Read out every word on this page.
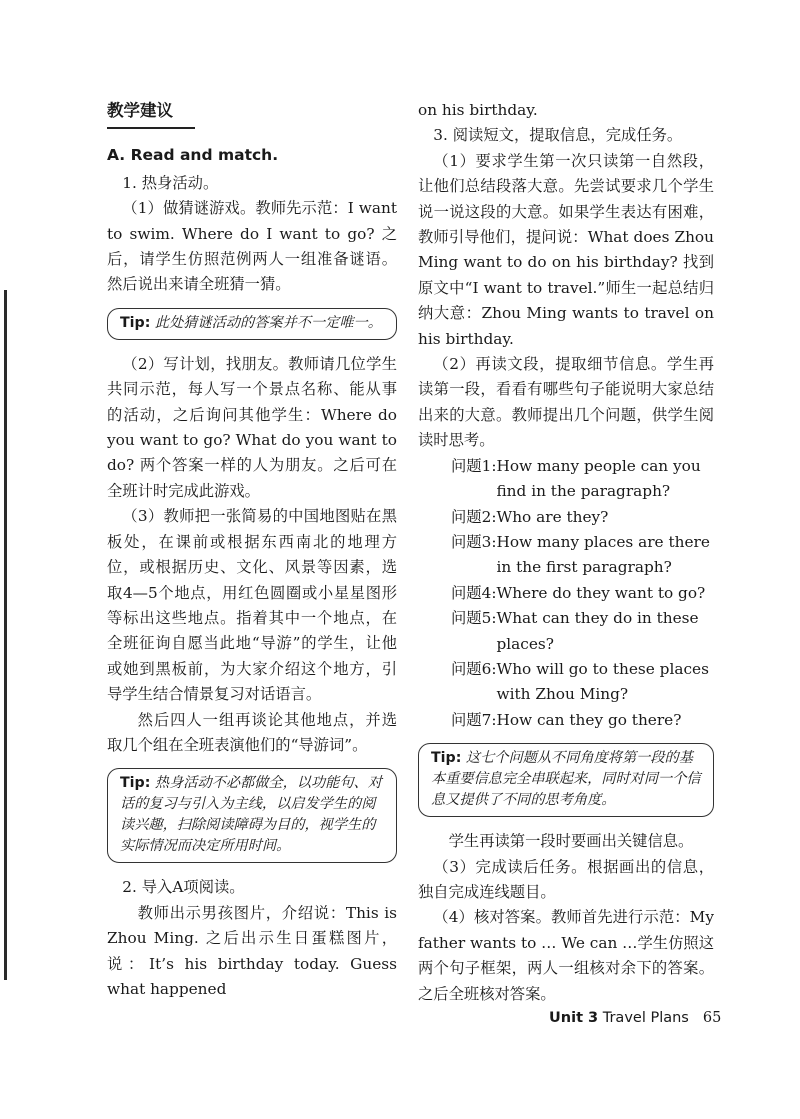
教学建议
A. Read and match.

1. 热身活动。

（1）做猜谜游戏。教师先示范：I want to swim. Where do I want to go? 之后，请学生仿照范例两人一组准备谜语。然后说出来请全班猜一猜。

Tip: 此处猜谜活动的答案并不一定唯一。

（2）写计划，找朋友。教师请几位学生共同示范，每人写一个景点名称、能从事的活动，之后询问其他学生：Where do you want to go? What do you want to do? 两个答案一样的人为朋友。之后可在全班计时完成此游戏。

（3）教师把一张简易的中国地图贴在黑板处，在课前或根据东西南北的地理方位，或根据历史、文化、风景等因素，选取4—5个地点，用红色圆圈或小星星图形等标出这些地点。指着其中一个地点，在全班征询自愿当此地“导游”的学生，让他或她到黑板前，为大家介绍这个地方，引导学生结合情景复习对话语言。

然后四人一组再谈论其他地点，并选取几个组在全班表演他们的“导游词”。

Tip: 热身活动不必都做全，以功能句、对话的复习与引入为主线，以启发学生的阅读兴趣，扫除阅读障碍为目的，视学生的实际情况而决定所用时间。

2. 导入A项阅读。

教师出示男孩图片，介绍说：This is Zhou Ming. 之后出示生日蛋糕图片，说：It’s his birthday today. Guess what happened

on his birthday.

3. 阅读短文，提取信息，完成任务。

（1）要求学生第一次只读第一自然段，让他们总结段落大意。先尝试要求几个学生说一说这段的大意。如果学生表达有困难，教师引导他们，提问说：What does Zhou Ming want to do on his birthday? 找到原文中“I want to travel.”师生一起总结归纳大意：Zhou Ming wants to travel on his birthday.

（2）再读文段，提取细节信息。学生再读第一段，看看有哪些句子能说明大家总结出来的大意。教师提出几个问题，供学生阅读时思考。

问题1: How many people can you find in the paragraph?
问题2: Who are they?
问题3: How many places are there in the first paragraph?
问题4: Where do they want to go?
问题5: What can they do in these places?
问题6: Who will go to these places with Zhou Ming?
问题7: How can they go there?
Tip: 这七个问题从不同角度将第一段的基本重要信息完全串联起来，同时对同一个信息又提供了不同的思考角度。

学生再读第一段时要画出关键信息。

（3）完成读后任务。根据画出的信息，独自完成连线题目。

（4）核对答案。教师首先进行示范：My father wants to … We can …学生仿照这两个句子框架，两人一组核对余下的答案。之后全班核对答案。

Unit 3 Travel Plans 65
